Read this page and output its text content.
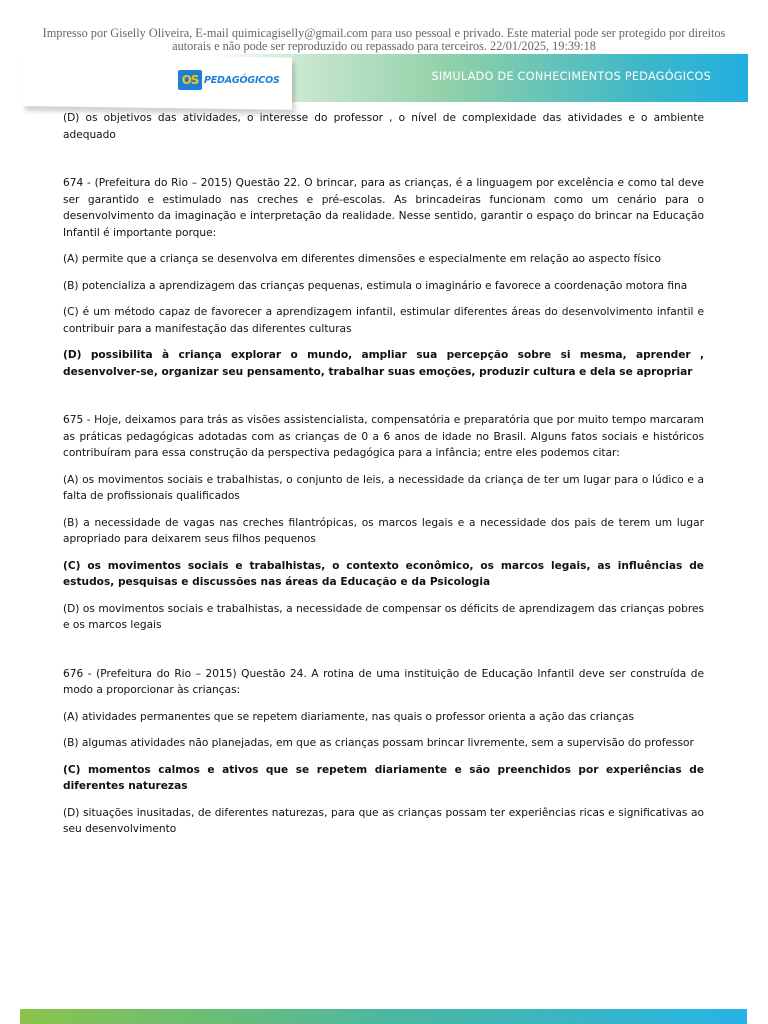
Impresso por Giselly Oliveira, E-mail quimicagiselly@gmail.com para uso pessoal e privado. Este material pode ser protegido por direitos autorais e não pode ser reproduzido ou repassado para terceiros. 22/01/2025, 19:39:18
SIMULADO DE CONHECIMENTOS PEDAGÓGICOS
OS PEDAGÓGICOS

(D) os objetivos das atividades, o interesse do professor , o nível de complexidade das atividades e o ambiente adequado

674 - (Prefeitura do Rio – 2015) Questão 22. O brincar, para as crianças, é a linguagem por excelência e como tal deve ser garantido e estimulado nas creches e pré-escolas. As brincadeiras funcionam como um cenário para o desenvolvimento da imaginação e interpretação da realidade. Nesse sentido, garantir o espaço do brincar na Educação Infantil é importante porque:

(A) permite que a criança se desenvolva em diferentes dimensões e especialmente em relação ao aspecto físico

(B) potencializa a aprendizagem das crianças pequenas, estimula o imaginário e favorece a coordenação motora fina

(C) é um método capaz de favorecer a aprendizagem infantil, estimular diferentes áreas do desenvolvimento infantil e contribuir para a manifestação das diferentes culturas

(D) possibilita à criança explorar o mundo, ampliar sua percepção sobre si mesma, aprender , desenvolver-se, organizar seu pensamento, trabalhar suas emoções, produzir cultura e dela se apropriar

675 - Hoje, deixamos para trás as visões assistencialista, compensatória e preparatória que por muito tempo marcaram as práticas pedagógicas adotadas com as crianças de 0 a 6 anos de idade no Brasil. Alguns fatos sociais e históricos contribuíram para essa construção da perspectiva pedagógica para a infância; entre eles podemos citar:

(A) os movimentos sociais e trabalhistas, o conjunto de leis, a necessidade da criança de ter um lugar para o lúdico e a falta de profissionais qualificados

(B) a necessidade de vagas nas creches filantrópicas, os marcos legais e a necessidade dos pais de terem um lugar apropriado para deixarem seus filhos pequenos

(C) os movimentos sociais e trabalhistas, o contexto econômico, os marcos legais, as influências de estudos, pesquisas e discussões nas áreas da Educação e da Psicologia

(D) os movimentos sociais e trabalhistas, a necessidade de compensar os déficits de aprendizagem das crianças pobres e os marcos legais

676 - (Prefeitura do Rio – 2015) Questão 24. A rotina de uma instituição de Educação Infantil deve ser construída de modo a proporcionar às crianças:

(A) atividades permanentes que se repetem diariamente, nas quais o professor orienta a ação das crianças

(B) algumas atividades não planejadas, em que as crianças possam brincar livremente, sem a supervisão do professor

(C) momentos calmos e ativos que se repetem diariamente e são preenchidos por experiências de diferentes naturezas

(D) situações inusitadas, de diferentes naturezas, para que as crianças possam ter experiências ricas e significativas ao seu desenvolvimento
